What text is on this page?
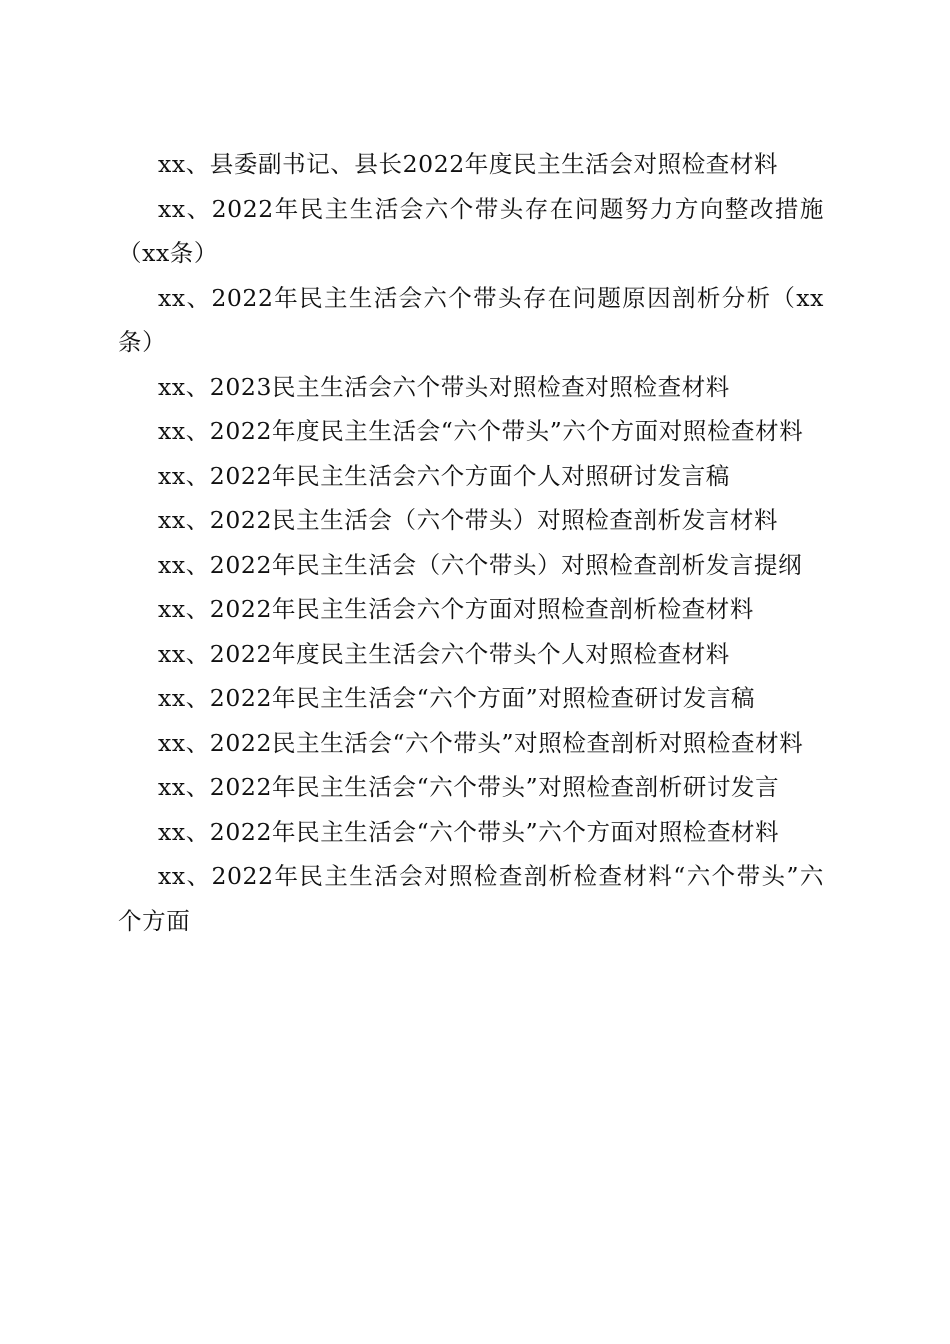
xx、县委副书记、县长2022年度民主生活会对照检查材料

xx、2022年民主生活会六个带头存在问题努力方向整改措施（xx条）

xx、2022年民主生活会六个带头存在问题原因剖析分析（xx条）

xx、2023民主生活会六个带头对照检查对照检查材料

xx、2022年度民主生活会“六个带头”六个方面对照检查材料

xx、2022年民主生活会六个方面个人对照研讨发言稿

xx、2022民主生活会（六个带头）对照检查剖析发言材料

xx、2022年民主生活会（六个带头）对照检查剖析发言提纲

xx、2022年民主生活会六个方面对照检查剖析检查材料

xx、2022年度民主生活会六个带头个人对照检查材料

xx、2022年民主生活会“六个方面”对照检查研讨发言稿

xx、2022民主生活会“六个带头”对照检查剖析对照检查材料

xx、2022年民主生活会“六个带头”对照检查剖析研讨发言

xx、2022年民主生活会“六个带头”六个方面对照检查材料

xx、2022年民主生活会对照检查剖析检查材料“六个带头”六个方面
